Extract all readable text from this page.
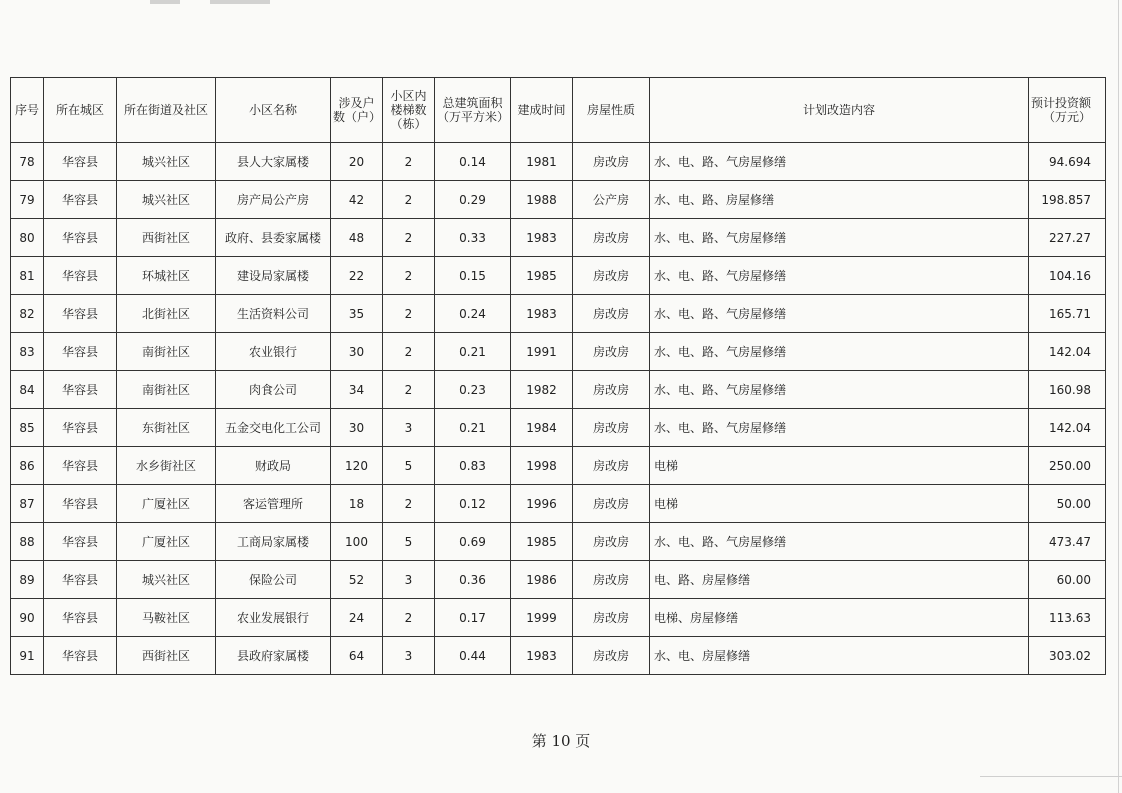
序号	所在城区	所在街道及社区	小区名称	涉及户数（户）	小区内楼梯数（栋）	总建筑面积（万平方米）	建成时间	房屋性质	计划改造内容	预计投资额（万元）
78	华容县	城兴社区	县人大家属楼	20	2	0.14	1981	房改房	水、电、路、气房屋修缮	94.694
79	华容县	城兴社区	房产局公产房	42	2	0.29	1988	公产房	水、电、路、房屋修缮	198.857
80	华容县	西街社区	政府、县委家属楼	48	2	0.33	1983	房改房	水、电、路、气房屋修缮	227.27
81	华容县	环城社区	建设局家属楼	22	2	0.15	1985	房改房	水、电、路、气房屋修缮	104.16
82	华容县	北街社区	生活资料公司	35	2	0.24	1983	房改房	水、电、路、气房屋修缮	165.71
83	华容县	南街社区	农业银行	30	2	0.21	1991	房改房	水、电、路、气房屋修缮	142.04
84	华容县	南街社区	肉食公司	34	2	0.23	1982	房改房	水、电、路、气房屋修缮	160.98
85	华容县	东街社区	五金交电化工公司	30	3	0.21	1984	房改房	水、电、路、气房屋修缮	142.04
86	华容县	水乡街社区	财政局	120	5	0.83	1998	房改房	电梯	250.00
87	华容县	广厦社区	客运管理所	18	2	0.12	1996	房改房	电梯	50.00
88	华容县	广厦社区	工商局家属楼	100	5	0.69	1985	房改房	水、电、路、气房屋修缮	473.47
89	华容县	城兴社区	保险公司	52	3	0.36	1986	房改房	电、路、房屋修缮	60.00
90	华容县	马鞍社区	农业发展银行	24	2	0.17	1999	房改房	电梯、房屋修缮	113.63
91	华容县	西街社区	县政府家属楼	64	3	0.44	1983	房改房	水、电、房屋修缮	303.02
第 10 页
